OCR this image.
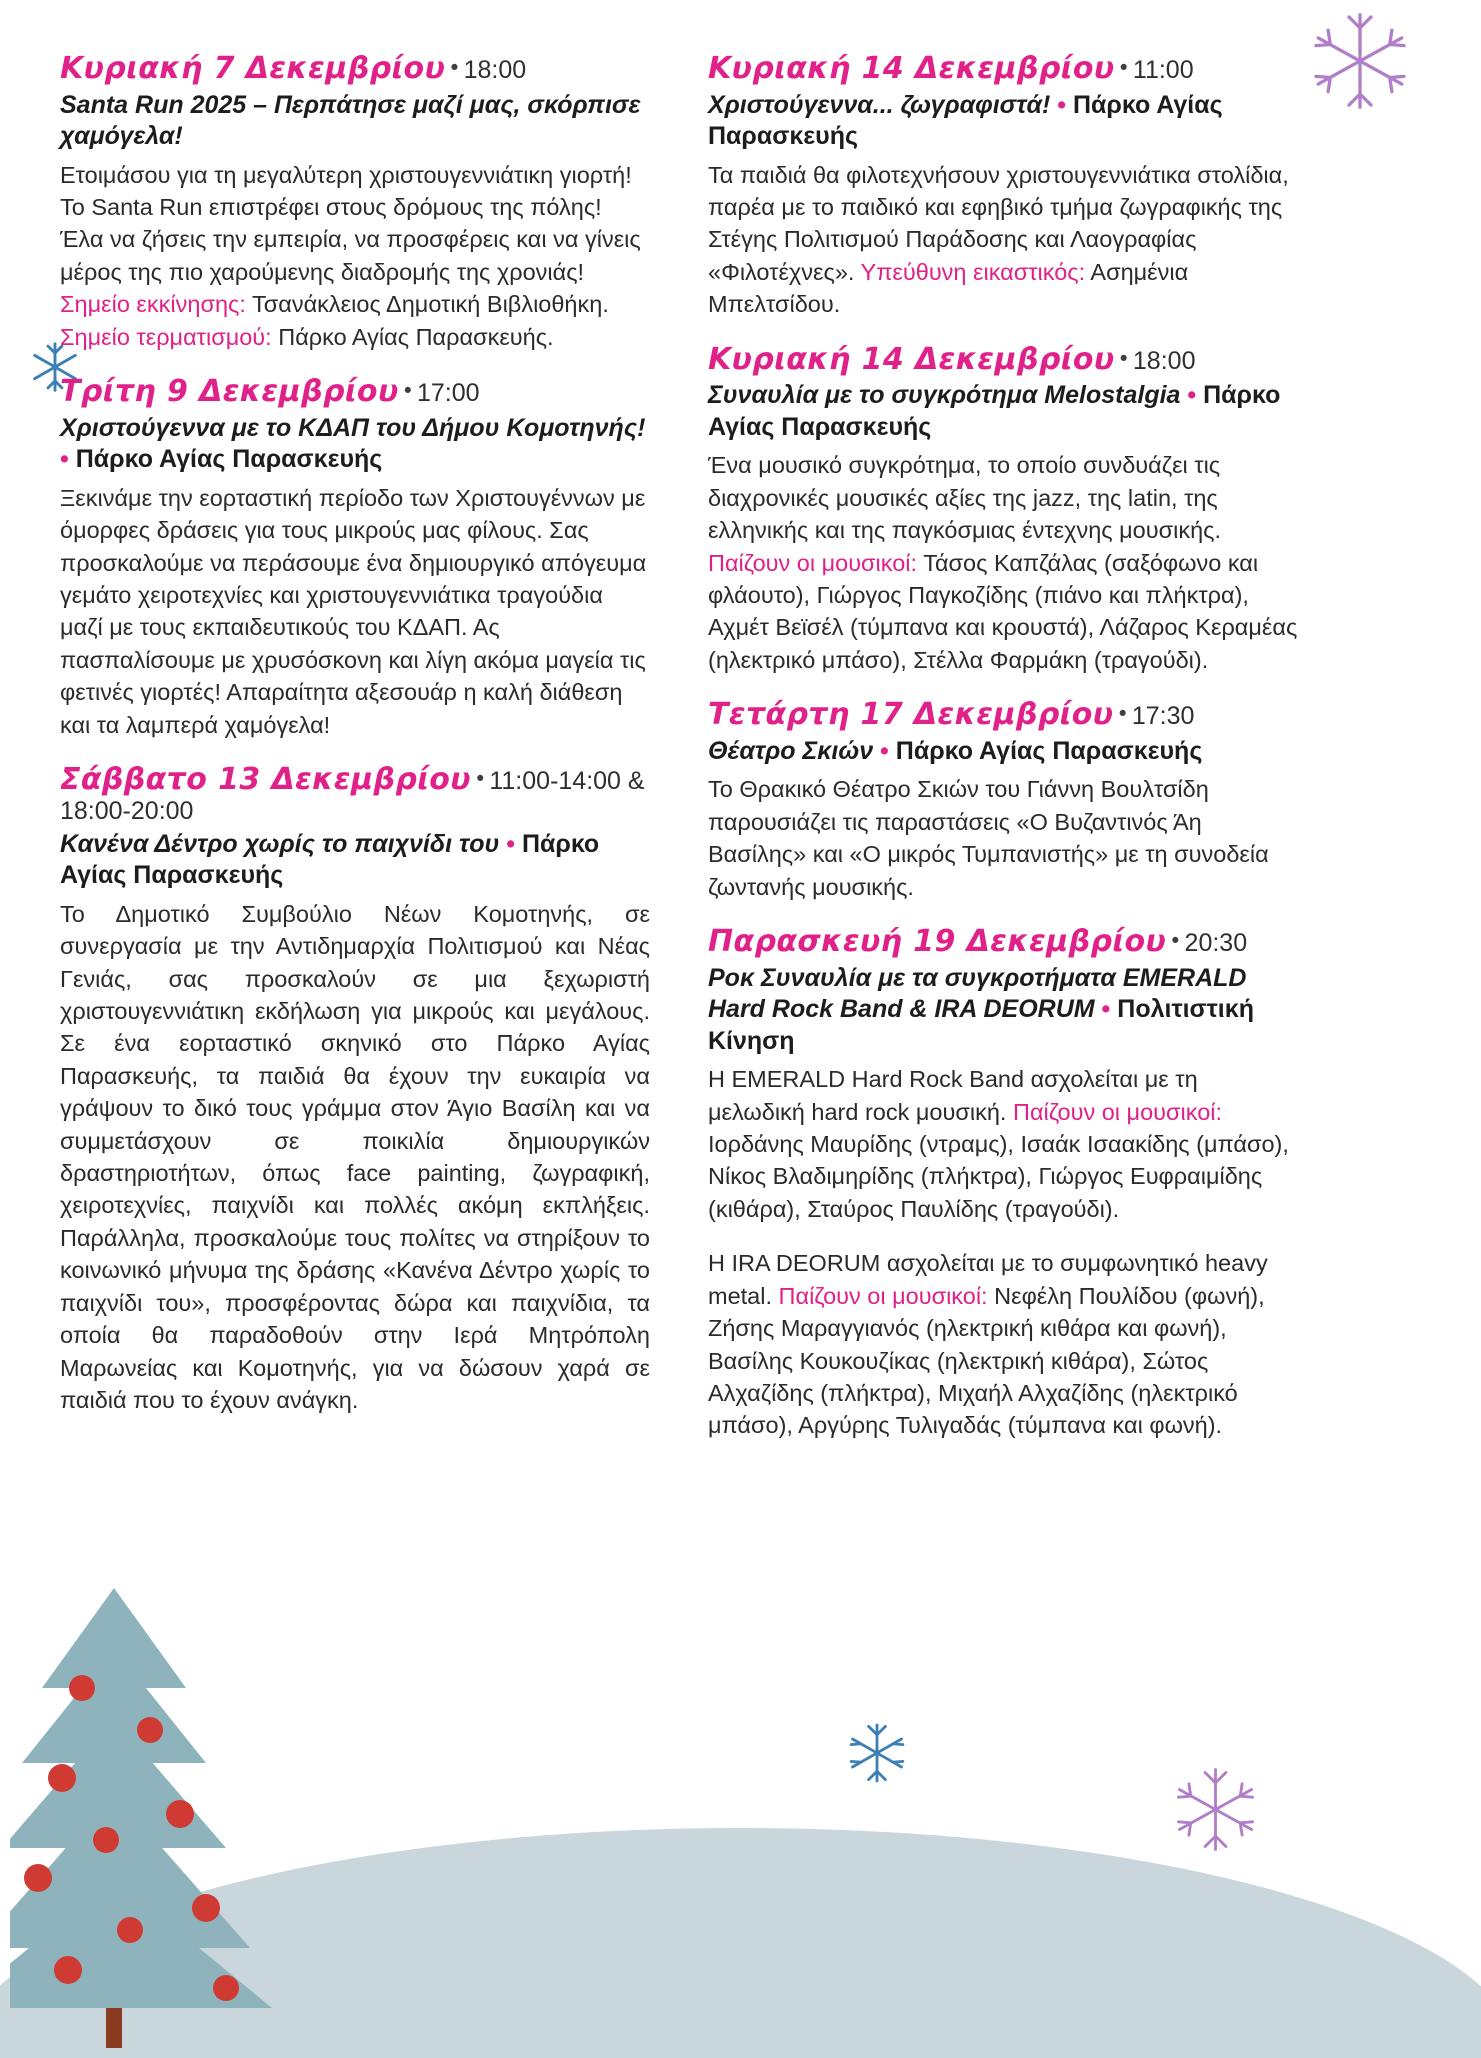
Κυριακή 7 Δεκεμβρίου • 18:00
Santa Run 2025 – Περπάτησε μαζί μας, σκόρπισε χαμόγελα!

Ετοιμάσου για τη μεγαλύτερη χριστουγεννιάτικη γιορτή! To Santa Run επιστρέφει στους δρόμους της πόλης! Έλα να ζήσεις την εμπειρία, να προσφέρεις και να γίνεις μέρος της πιο χαρούμενης διαδρομής της χρονιάς! Σημείο εκκίνησης: Τσανάκλειος Δημοτική Βιβλιοθήκη. Σημείο τερματισμού: Πάρκο Αγίας Παρασκευής.

Τρίτη 9 Δεκεμβρίου • 17:00
Χριστούγεννα με το ΚΔΑΠ του Δήμου Κομοτηνής! • Πάρκο Αγίας Παρασκευής

Ξεκινάμε την εορταστική περίοδο των Χριστουγέννων με όμορφες δράσεις για τους μικρούς μας φίλους. Σας προσκαλούμε να περάσουμε ένα δημιουργικό απόγευμα γεμάτο χειροτεχνίες και χριστουγεννιάτικα τραγούδια μαζί με τους εκπαιδευτικούς του ΚΔΑΠ. Ας πασπαλίσουμε με χρυσόσκονη και λίγη ακόμα μαγεία τις φετινές γιορτές! Απαραίτητα αξεσουάρ η καλή διάθεση και τα λαμπερά χαμόγελα!

Σάββατο 13 Δεκεμβρίου • 11:00-14:00 & 18:00-20:00
Κανένα Δέντρο χωρίς το παιχνίδι του • Πάρκο Αγίας Παρασκευής

Το Δημοτικό Συμβούλιο Νέων Κομοτηνής, σε συνεργασία με την Αντιδημαρχία Πολιτισμού και Νέας Γενιάς, σας προσκαλούν σε μια ξεχωριστή χριστουγεννιάτικη εκδήλωση για μικρούς και μεγάλους. Σε ένα εορταστικό σκηνικό στο Πάρκο Αγίας Παρασκευής, τα παιδιά θα έχουν την ευκαιρία να γράψουν το δικό τους γράμμα στον Άγιο Βασίλη και να συμμετάσχουν σε ποικιλία δημιουργικών δραστηριοτήτων, όπως face painting, ζωγραφική, χειροτεχνίες, παιχνίδι και πολλές ακόμη εκπλήξεις. Παράλληλα, προσκαλούμε τους πολίτες να στηρίξουν το κοινωνικό μήνυμα της δράσης «Κανένα Δέντρο χωρίς το παιχνίδι του», προσφέροντας δώρα και παιχνίδια, τα οποία θα παραδοθούν στην Ιερά Μητρόπολη Μαρωνείας και Κομοτηνής, για να δώσουν χαρά σε παιδιά που το έχουν ανάγκη.

Κυριακή 14 Δεκεμβρίου • 11:00
Χριστούγεννα... ζωγραφιστά! • Πάρκο Αγίας Παρασκευής

Τα παιδιά θα φιλοτεχνήσουν χριστουγεννιάτικα στολίδια, παρέα με το παιδικό και εφηβικό τμήμα ζωγραφικής της Στέγης Πολιτισμού Παράδοσης και Λαογραφίας «Φιλοτέχνες». Υπεύθυνη εικαστικός: Ασημένια Μπελτσίδου.

Κυριακή 14 Δεκεμβρίου • 18:00
Συναυλία με το συγκρότημα Melostalgia • Πάρκο Αγίας Παρασκευής

Ένα μουσικό συγκρότημα, το οποίο συνδυάζει τις διαχρονικές μουσικές αξίες της jazz, της latin, της ελληνικής και της παγκόσμιας έντεχνης μουσικής. Παίζουν οι μουσικοί: Τάσος Καπζάλας (σαξόφωνο και φλάουτο), Γιώργος Παγκοζίδης (πιάνο και πλήκτρα), Αχμέτ Βεϊσέλ (τύμπανα και κρουστά), Λάζαρος Κεραμέας (ηλεκτρικό μπάσο), Στέλλα Φαρμάκη (τραγούδι).

Τετάρτη 17 Δεκεμβρίου • 17:30
Θέατρο Σκιών • Πάρκο Αγίας Παρασκευής

Το Θρακικό Θέατρο Σκιών του Γιάννη Βουλτσίδη παρουσιάζει τις παραστάσεις «Ο Βυζαντινός Άη Βασίλης» και «Ο μικρός Τυμπανιστής» με τη συνοδεία ζωντανής μουσικής.

Παρασκευή 19 Δεκεμβρίου • 20:30
Ροκ Συναυλία με τα συγκροτήματα EMERALD Hard Rock Band & IRA DEORUM • Πολιτιστική Κίνηση

Η EMERALD Hard Rock Band ασχολείται με τη μελωδική hard rock μουσική. Παίζουν οι μουσικοί: Ιορδάνης Μαυρίδης (ντραμς), Ισαάκ Ισαακίδης (μπάσο), Νίκος Βλαδιμηρίδης (πλήκτρα), Γιώργος Ευφραιμίδης (κιθάρα), Σταύρος Παυλίδης (τραγούδι).

Η IRA DEORUM ασχολείται με το συμφωνητικό heavy metal. Παίζουν οι μουσικοί: Νεφέλη Πουλίδου (φωνή), Ζήσης Μαραγγιανός (ηλεκτρική κιθάρα και φωνή), Βασίλης Κουκουζίκας (ηλεκτρική κιθάρα), Σώτος Αλχαζίδης (πλήκτρα), Μιχαήλ Αλχαζίδης (ηλεκτρικό μπάσο), Αργύρης Τυλιγαδάς (τύμπανα και φωνή).
